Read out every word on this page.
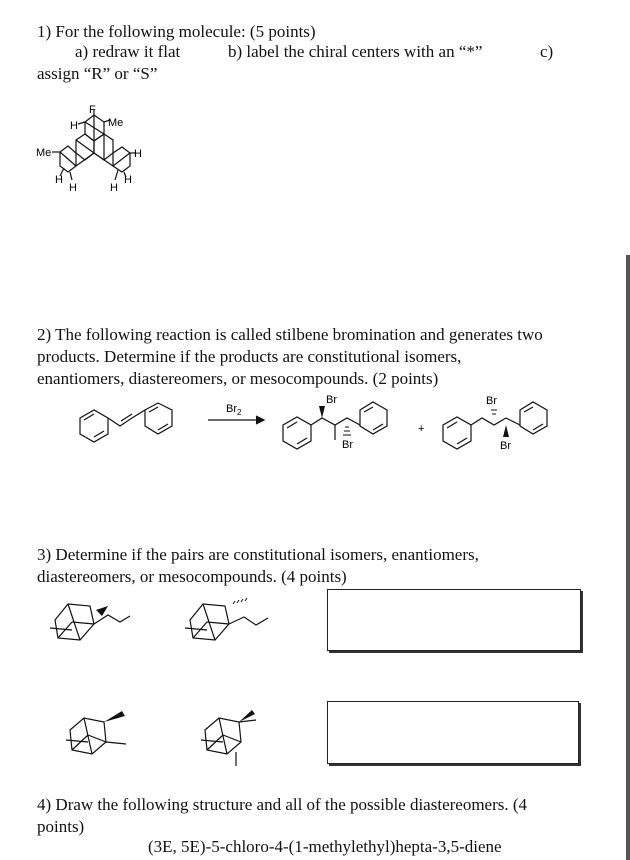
1) For the following molecule: (5 points)
a) redraw it flat	b) label the chiral centers with an “*”	c)
assign “R” or “S”
F
H	Me
Me	H
H
H	H
H
2) The following reaction is called stilbene bromination and generates two
products. Determine if the products are constitutional isomers,
enantiomers, diastereomers, or mesocompounds. (2 points)
$Br_2$
Br
Br
+
Br
Br
3) Determine if the pairs are constitutional isomers, enantiomers,
diastereomers, or mesocompounds. (4 points)
4) Draw the following structure and all of the possible diastereomers. (4
points)
(3E, 5E)-5-chloro-4-(1-methylethyl)hepta-3,5-diene
